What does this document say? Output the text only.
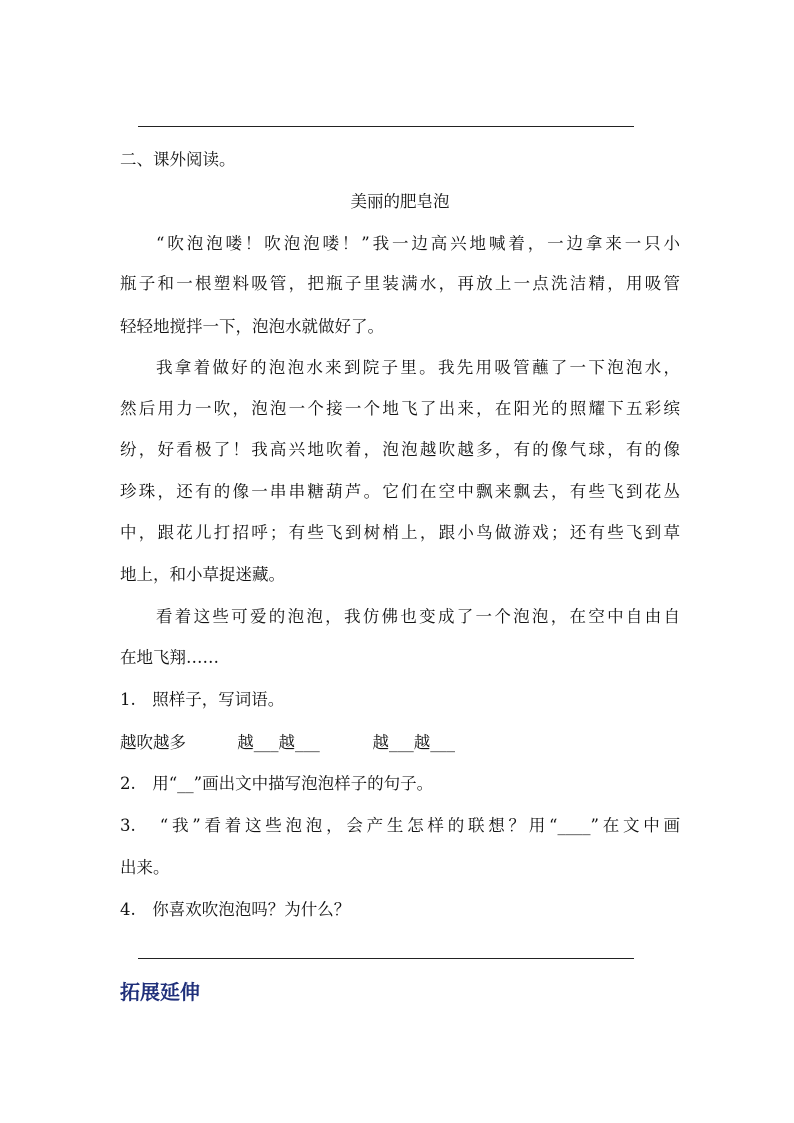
二、课外阅读。
美丽的肥皂泡
“吹泡泡喽！吹泡泡喽！”我一边高兴地喊着，一边拿来一只小
瓶子和一根塑料吸管，把瓶子里装满水，再放上一点洗洁精，用吸管
轻轻地搅拌一下，泡泡水就做好了。
我拿着做好的泡泡水来到院子里。我先用吸管蘸了一下泡泡水，
然后用力一吹，泡泡一个接一个地飞了出来，在阳光的照耀下五彩缤
纷，好看极了！我高兴地吹着，泡泡越吹越多，有的像气球，有的像
珍珠，还有的像一串串糖葫芦。它们在空中飘来飘去，有些飞到花丛
中，跟花儿打招呼；有些飞到树梢上，跟小鸟做游戏；还有些飞到草
地上，和小草捉迷藏。
看着这些可爱的泡泡，我仿佛也变成了一个泡泡，在空中自由自
在地飞翔……
1.　照样子，写词语。
越吹越多	越___越___	越___越___
2.　用“__”画出文中描写泡泡样子的句子。
3.　“我”看着这些泡泡，会产生怎样的联想？用“____”在文中画
出来。
4.　你喜欢吹泡泡吗？为什么？
拓展延伸
